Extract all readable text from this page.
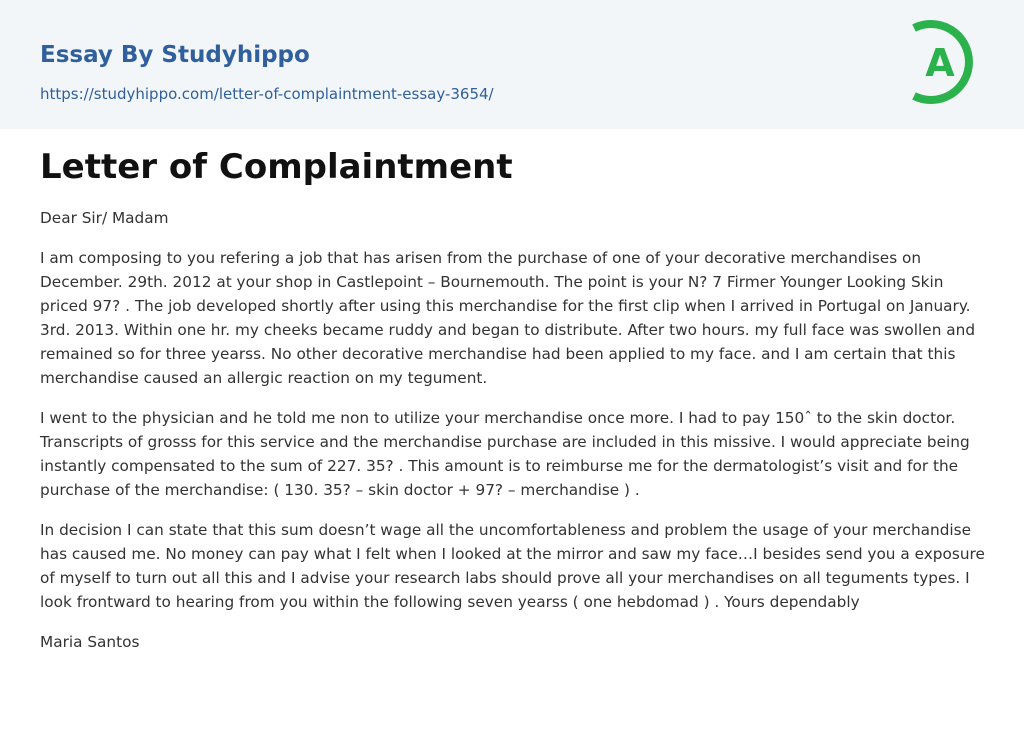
Essay By Studyhippo
https://studyhippo.com/letter-of-complaintment-essay-3654/
A
Letter of Complaintment

Dear Sir/ Madam

I am composing to you refering a job that has arisen from the purchase of one of your decorative merchandises on December. 29th. 2012 at your shop in Castlepoint – Bournemouth. The point is your N? 7 Firmer Younger Looking Skin priced 97? . The job developed shortly after using this merchandise for the first clip when I arrived in Portugal on January. 3rd. 2013. Within one hr. my cheeks became ruddy and began to distribute. After two hours. my full face was swollen and remained so for three yearss. No other decorative merchandise had been applied to my face. and I am certain that this merchandise caused an allergic reaction on my tegument.

I went to the physician and he told me non to utilize your merchandise once more. I had to pay 150ˆ to the skin doctor. Transcripts of grosss for this service and the merchandise purchase are included in this missive. I would appreciate being instantly compensated to the sum of 227. 35? . This amount is to reimburse me for the dermatologist’s visit and for the purchase of the merchandise: ( 130. 35? – skin doctor + 97? – merchandise ) .

In decision I can state that this sum doesn’t wage all the uncomfortableness and problem the usage of your merchandise has caused me. No money can pay what I felt when I looked at the mirror and saw my face…I besides send you a exposure of myself to turn out all this and I advise your research labs should prove all your merchandises on all teguments types. I look frontward to hearing from you within the following seven yearss ( one hebdomad ) . Yours dependably

Maria Santos
